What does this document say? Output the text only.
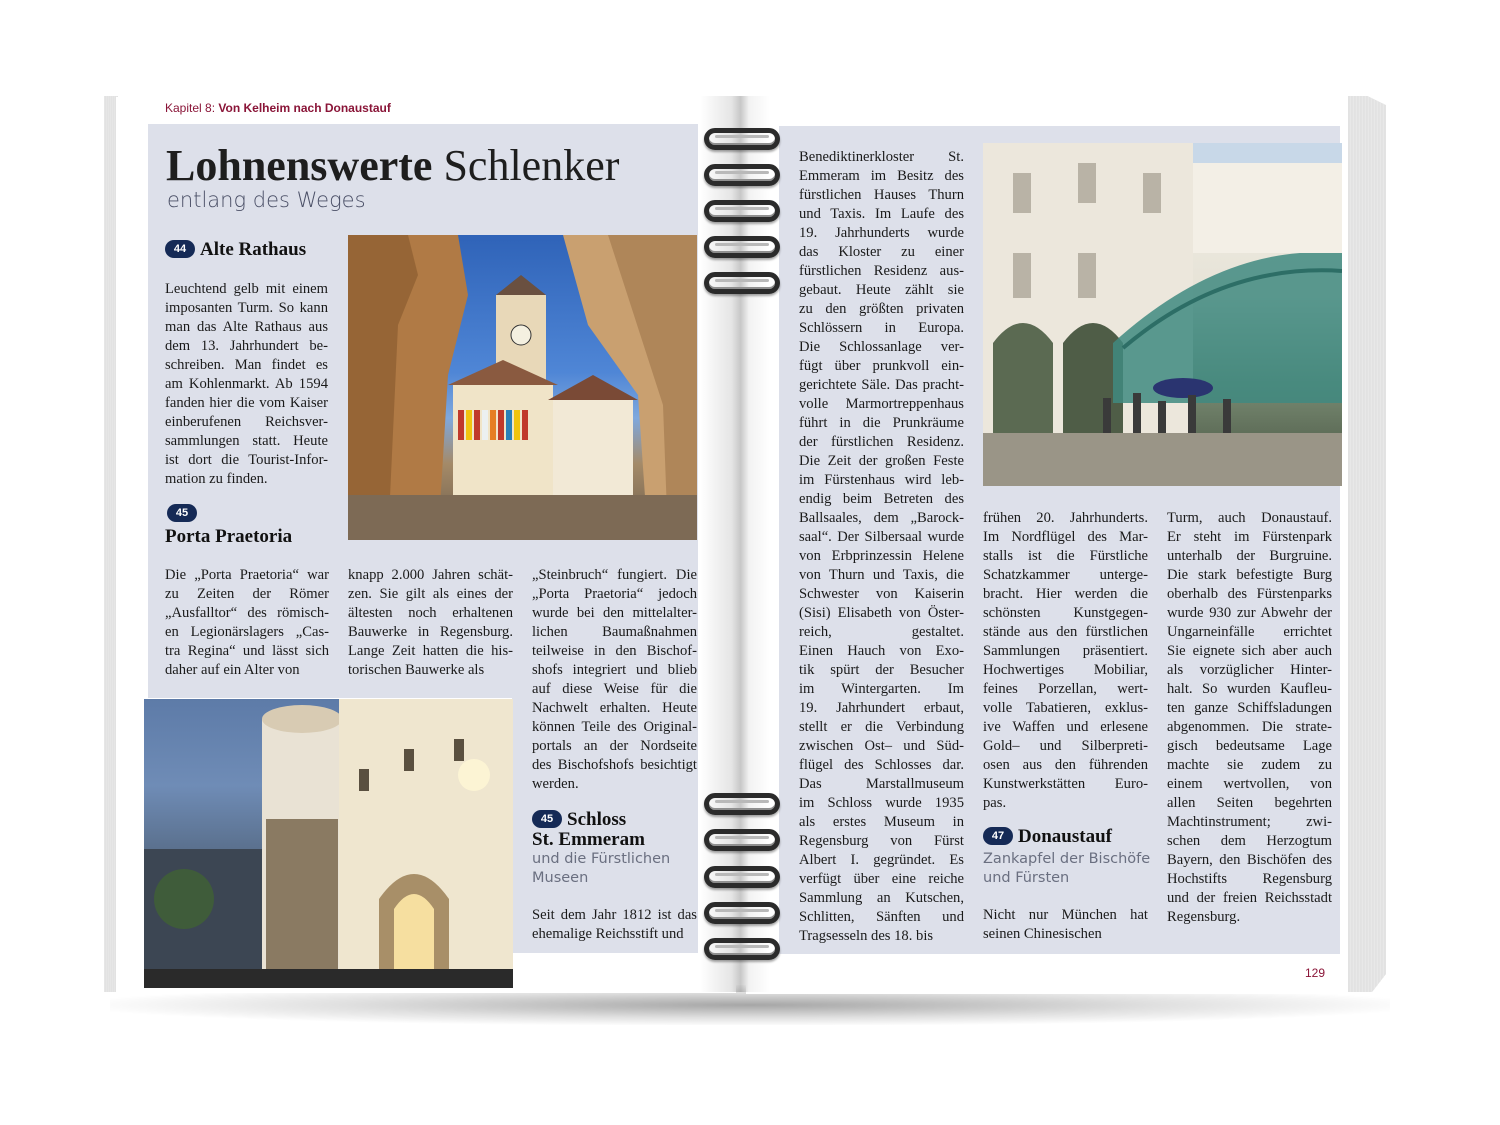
Kapitel 8: Von Kelheim nach Donaustauf
Lohnenswerte Schlenker
entlang des Weges
44 Alte Rathaus
Leuchtend gelb mit einem
imposanten Turm. So kann
man das Alte Rathaus aus
dem 13. Jahrhundert be-
schreiben. Man findet es
am Kohlenmarkt. Ab 1594
fanden hier die vom Kaiser
einberufenen Reichsver-
sammlungen statt. Heute
ist dort die Tourist-Infor-
mation zu finden.
45
Porta Praetoria
Die „Porta Praetoria“ war
zu Zeiten der Römer
„Ausfalltor“ des römisch-
en Legionärslagers „Cas-
tra Regina“ und lässt sich
daher auf ein Alter von
knapp 2.000 Jahren schät-
zen. Sie gilt als eines der
ältesten noch erhaltenen
Bauwerke in Regensburg.
Lange Zeit hatten die his-
torischen Bauwerke als
„Steinbruch“ fungiert. Die
„Porta Praetoria“ jedoch
wurde bei den mittelalter-
lichen Baumaßnahmen
teilweise in den Bischof-
shofs integriert und blieb
auf diese Weise für die
Nachwelt erhalten. Heute
können Teile des Original-
portals an der Nordseite
des Bischofshofs besichtigt
werden.
45 Schloss
St. Emmeram
und die Fürstlichen
Museen
Seit dem Jahr 1812 ist das
ehemalige Reichsstift und
Benediktinerkloster St.
Emmeram im Besitz des
fürstlichen Hauses Thurn
und Taxis. Im Laufe des
19. Jahrhunderts wurde
das Kloster zu einer
fürstlichen Residenz aus-
gebaut. Heute zählt sie
zu den größten privaten
Schlössern in Europa.
Die Schlossanlage ver-
fügt über prunkvoll ein-
gerichtete Säle. Das pracht-
volle Marmortreppenhaus
führt in die Prunkräume
der fürstlichen Residenz.
Die Zeit der großen Feste
im Fürstenhaus wird leb-
endig beim Betreten des
Ballsaales, dem „Barock-
saal“. Der Silbersaal wurde
von Erbprinzessin Helene
von Thurn und Taxis, die
Schwester von Kaiserin
(Sisi) Elisabeth von Öster-
reich, gestaltet.
Einen Hauch von Exo-
tik spürt der Besucher
im Wintergarten. Im
19. Jahrhundert erbaut,
stellt er die Verbindung
zwischen Ost– und Süd-
flügel des Schlosses dar.
Das Marstallmuseum
im Schloss wurde 1935
als erstes Museum in
Regensburg von Fürst
Albert I. gegründet. Es
verfügt über eine reiche
Sammlung an Kutschen,
Schlitten, Sänften und
Tragsesseln des 18. bis
frühen 20. Jahrhunderts.
Im Nordflügel des Mar-
stalls ist die Fürstliche
Schatzkammer unterge-
bracht. Hier werden die
schönsten Kunstgegen-
stände aus den fürstlichen
Sammlungen präsentiert.
Hochwertiges Mobiliar,
feines Porzellan, wert-
volle Tabatieren, exklus-
ive Waffen und erlesene
Gold– und Silberpreti-
osen aus den führenden
Kunstwerkstätten Euro-
pas.
47 Donaustauf
Zankapfel der Bischöfe
und Fürsten
Nicht nur München hat
seinen Chinesischen
Turm, auch Donaustauf.
Er steht im Fürstenpark
unterhalb der Burgruine.
Die stark befestigte Burg
oberhalb des Fürstenparks
wurde 930 zur Abwehr der
Ungarneinfälle errichtet
Sie eignete sich aber auch
als vorzüglicher Hinter-
halt. So wurden Kaufleu-
ten ganze Schiffsladungen
abgenommen. Die strate-
gisch bedeutsame Lage
machte sie zudem zu
einem wertvollen, von
allen Seiten begehrten
Machtinstrument; zwi-
schen dem Herzogtum
Bayern, den Bischöfen des
Hochstifts Regensburg
und der freien Reichsstadt
Regensburg.
129
